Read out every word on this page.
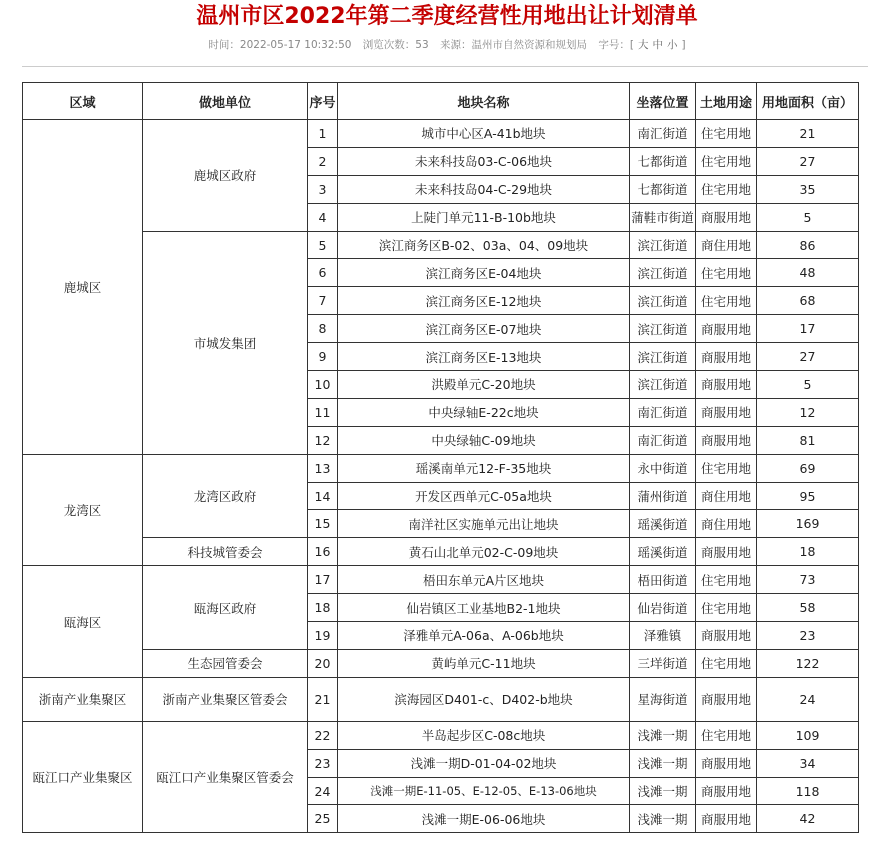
温州市区2022年第二季度经营性用地出让计划清单
时间：2022-05-17 10:32:50 浏览次数：53 来源：温州市自然资源和规划局 字号：[ 大 中 小 ]
区域	做地单位	序号	地块名称	坐落位置	土地用途	用地面积（亩）
鹿城区	鹿城区政府	1	城市中心区A-41b地块	南汇街道	住宅用地	21
		2	未来科技岛03-C-06地块	七都街道	住宅用地	27
		3	未来科技岛04-C-29地块	七都街道	住宅用地	35
		4	上陡门单元11-B-10b地块	蒲鞋市街道	商服用地	5
	市城发集团	5	滨江商务区B-02、03a、04、09地块	滨江街道	商住用地	86
		6	滨江商务区E-04地块	滨江街道	住宅用地	48
		7	滨江商务区E-12地块	滨江街道	住宅用地	68
		8	滨江商务区E-07地块	滨江街道	商服用地	17
		9	滨江商务区E-13地块	滨江街道	商服用地	27
		10	洪殿单元C-20地块	滨江街道	商服用地	5
		11	中央绿轴E-22c地块	南汇街道	商服用地	12
		12	中央绿轴C-09地块	南汇街道	商服用地	81
龙湾区	龙湾区政府	13	瑶溪南单元12-F-35地块	永中街道	住宅用地	69
		14	开发区西单元C-05a地块	蒲州街道	商住用地	95
		15	南洋社区实施单元出让地块	瑶溪街道	商住用地	169
	科技城管委会	16	黄石山北单元02-C-09地块	瑶溪街道	商服用地	18
瓯海区	瓯海区政府	17	梧田东单元A片区地块	梧田街道	住宅用地	73
		18	仙岩镇区工业基地B2-1地块	仙岩街道	住宅用地	58
		19	泽雅单元A-06a、A-06b地块	泽雅镇	商服用地	23
	生态园管委会	20	黄屿单元C-11地块	三垟街道	住宅用地	122
浙南产业集聚区	浙南产业集聚区管委会	21	滨海园区D401-c、D402-b地块	星海街道	商服用地	24
瓯江口产业集聚区	瓯江口产业集聚区管委会	22	半岛起步区C-08c地块	浅滩一期	住宅用地	109
		23	浅滩一期D-01-04-02地块	浅滩一期	商服用地	34
		24	浅滩一期E-11-05、E-12-05、E-13-06地块	浅滩一期	商服用地	118
		25	浅滩一期E-06-06地块	浅滩一期	商服用地	42
